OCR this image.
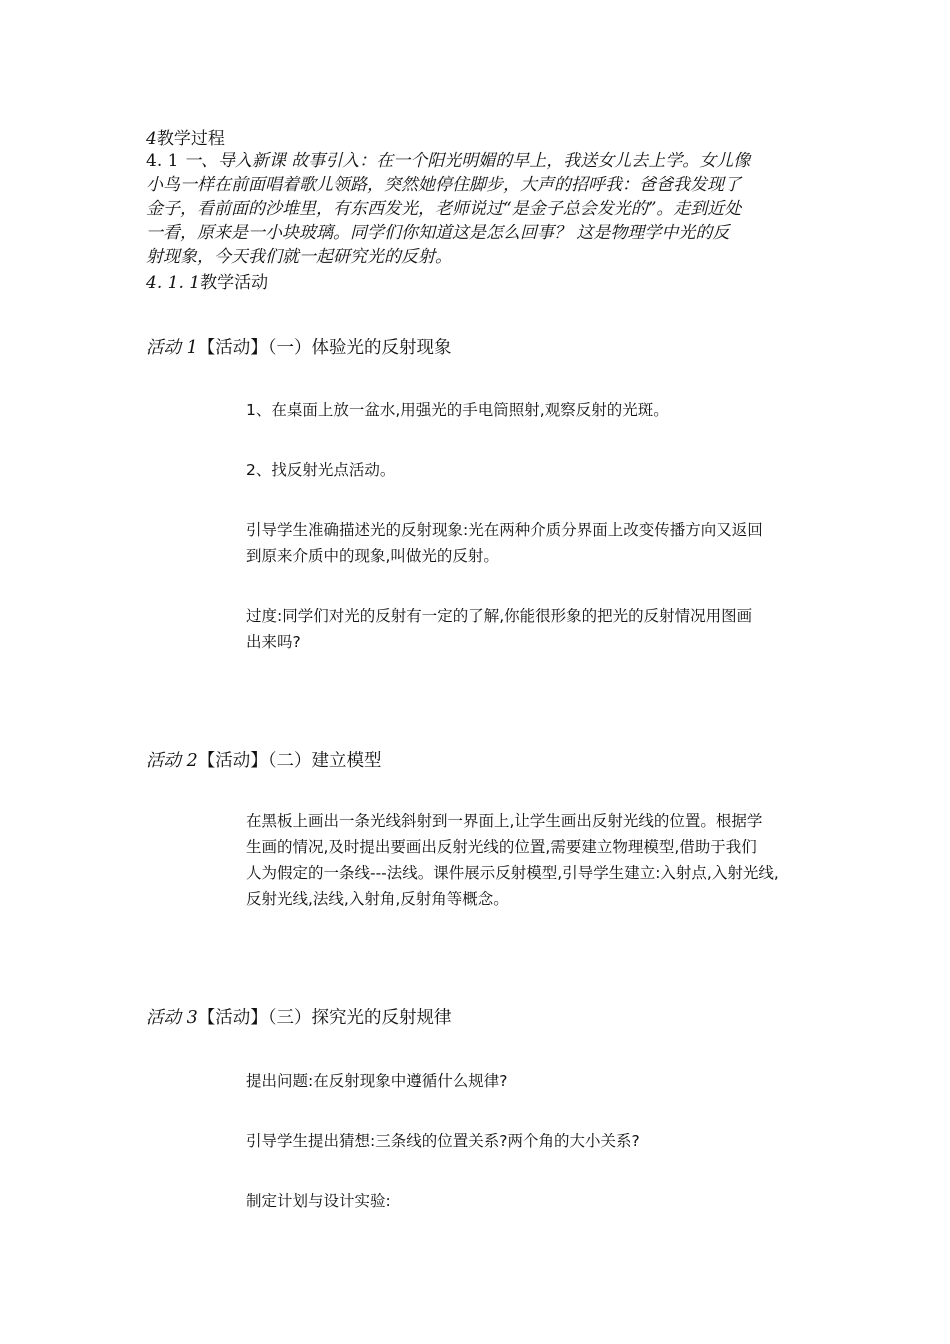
4教学过程
4. 1 一、导入新课 故事引入：在一个阳光明媚的早上，我送女儿去上学。女儿像
小鸟一样在前面唱着歌儿领路，突然她停住脚步，大声的招呼我：爸爸我发现了
金子，看前面的沙堆里，有东西发光，老师说过“是金子总会发光的”。走到近处
一看，原来是一小块玻璃。同学们你知道这是怎么回事？ 这是物理学中光的反
射现象，今天我们就一起研究光的反射。
4. 1. 1教学活动
活动 1【活动】（一）体验光的反射现象
1、在桌面上放一盆水,用强光的手电筒照射,观察反射的光斑。
2、找反射光点活动。
引导学生准确描述光的反射现象:光在两种介质分界面上改变传播方向又返回
到原来介质中的现象,叫做光的反射。
过度:同学们对光的反射有一定的了解,你能很形象的把光的反射情况用图画
出来吗?
活动 2【活动】（二）建立模型
在黑板上画出一条光线斜射到一界面上,让学生画出反射光线的位置。根据学
生画的情况,及时提出要画出反射光线的位置,需要建立物理模型,借助于我们
人为假定的一条线---法线。课件展示反射模型,引导学生建立:入射点,入射光线,
反射光线,法线,入射角,反射角等概念。
活动 3【活动】（三）探究光的反射规律
提出问题:在反射现象中遵循什么规律?
引导学生提出猜想:三条线的位置关系?两个角的大小关系?
制定计划与设计实验:
